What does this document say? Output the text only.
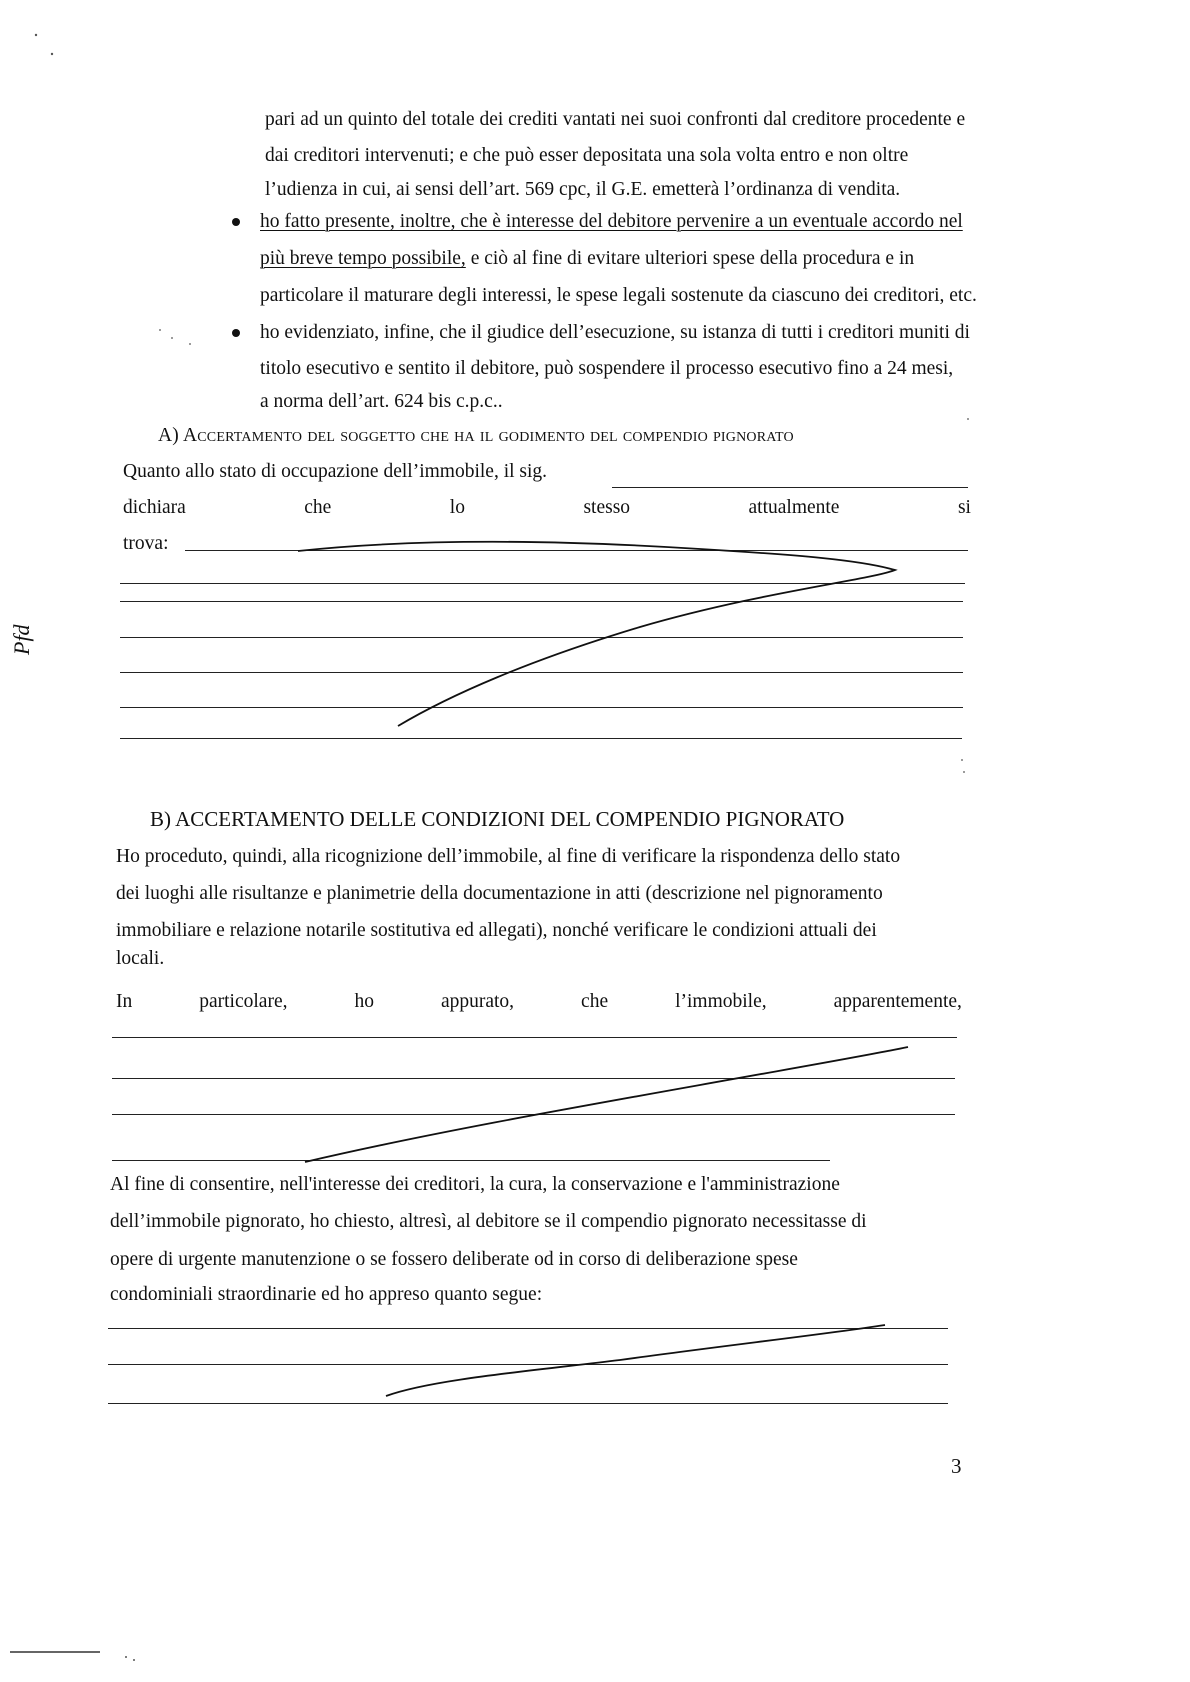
pari ad un quinto del totale dei crediti vantati nei suoi confronti dal creditore procedente e
dai creditori intervenuti; e che può esser depositata una sola volta entro e non oltre
l’udienza in cui, ai sensi dell’art. 569 cpc, il G.E. emetterà l’ordinanza di vendita.
ho fatto presente, inoltre, che è interesse del debitore pervenire a un eventuale accordo nel
più breve tempo possibile, e ciò al fine di evitare ulteriori spese della procedura e in
particolare il maturare degli interessi, le spese legali sostenute da ciascuno dei creditori, etc.
ho evidenziato, infine, che il giudice dell’esecuzione, su istanza di tutti i creditori muniti di
titolo esecutivo e sentito il debitore, può sospendere il processo esecutivo fino a 24 mesi,
a norma dell’art. 624 bis c.p.c..
A) Accertamento del soggetto che ha il godimento del compendio pignorato
Quanto allo stato di occupazione dell’immobile, il sig.
dichiara	che	lo	stesso	attualmente	si
trova:
B) ACCERTAMENTO DELLE CONDIZIONI DEL COMPENDIO PIGNORATO
Ho proceduto, quindi, alla ricognizione dell’immobile, al fine di verificare la rispondenza dello stato
dei luoghi alle risultanze e planimetrie della documentazione in atti (descrizione nel pignoramento
immobiliare e relazione notarile sostitutiva ed allegati), nonché verificare le condizioni attuali dei
locali.
In	particolare,	ho	appurato,	che	l’immobile,	apparentemente,
Al fine di consentire, nell'interesse dei creditori, la cura, la conservazione e l'amministrazione
dell’immobile pignorato, ho chiesto, altresì, al debitore se il compendio pignorato necessitasse di
opere di urgente manutenzione o se fossero deliberate od in corso di deliberazione spese
condominiali straordinarie ed ho appreso quanto segue:
3
Pfd
